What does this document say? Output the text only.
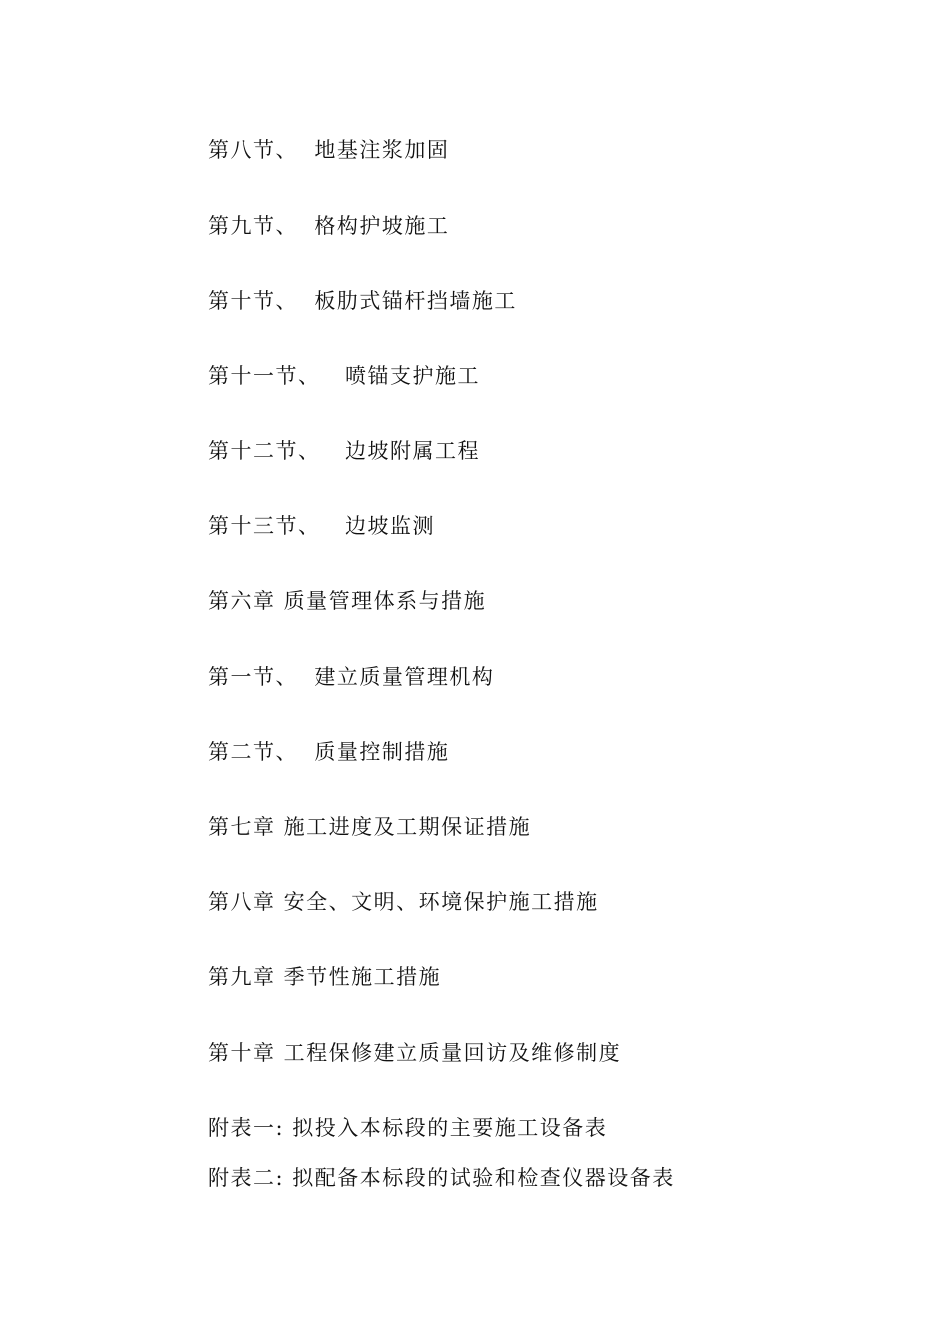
第八节、  地基注浆加固
第九节、  格构护坡施工
第十节、  板肋式锚杆挡墙施工
第十一节、   喷锚支护施工
第十二节、   边坡附属工程
第十三节、   边坡监测
第六章 质量管理体系与措施
第一节、  建立质量管理机构
第二节、  质量控制措施
第七章 施工进度及工期保证措施
第八章 安全、文明、环境保护施工措施
第九章 季节性施工措施
第十章 工程保修建立质量回访及维修制度
附表一: 拟投入本标段的主要施工设备表
附表二: 拟配备本标段的试验和检查仪器设备表
